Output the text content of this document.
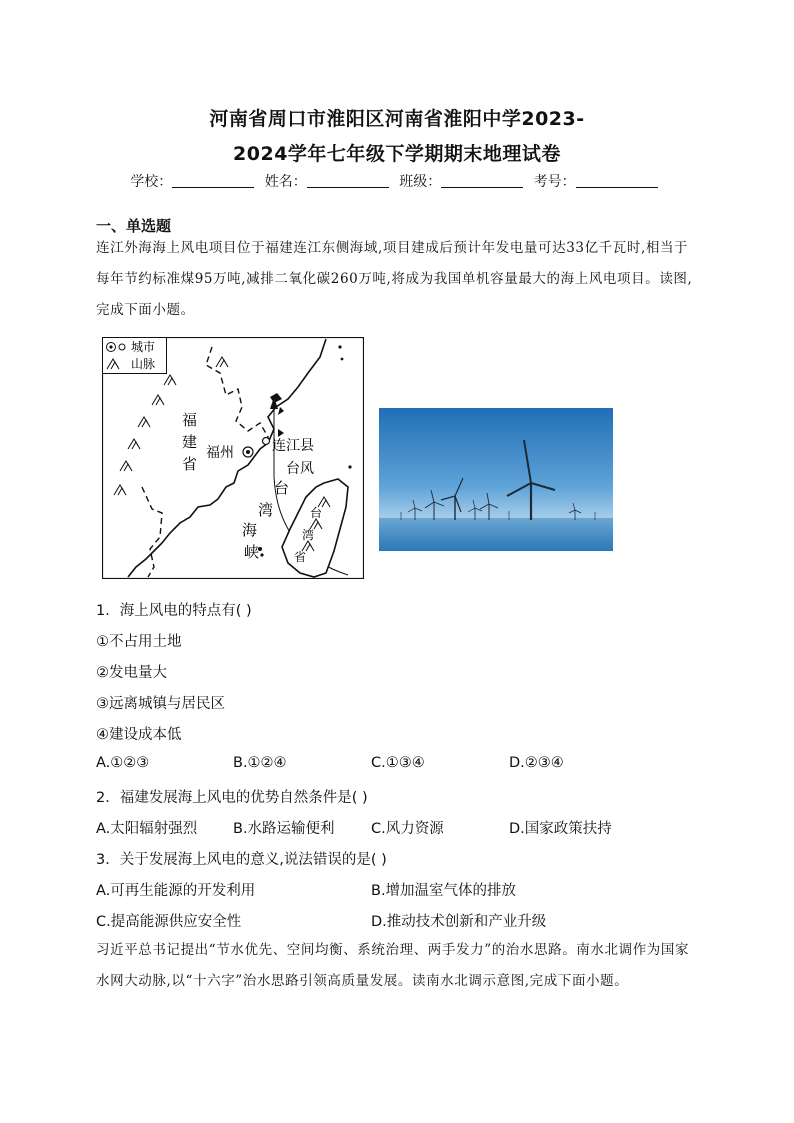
河南省周口市淮阳区河南省淮阳中学2023-
2024学年七年级下学期期末地理试卷
学校：	姓名：	班级：	考号：
一、单选题
连江外海海上风电项目位于福建连江东侧海域,项目建成后预计年发电量可达33亿千瓦时,相当于每年节约标准煤95万吨,减排二氧化碳260万吨,将成为我国单机容量最大的海上风电项目。读图,完成下面小题。
城市
山脉
福
建
省
福州	连江县
台风
台
湾
海
峡
台
湾
省
1．海上风电的特点有( )
①不占用土地
②发电量大
③远离城镇与居民区
④建设成本低
A.①②③	B.①②④	C.①③④	D.②③④
2．福建发展海上风电的优势自然条件是( )
A.太阳辐射强烈 B.水路运输便利	C.风力资源	D.国家政策扶持
3．关于发展海上风电的意义,说法错误的是( )
A.可再生能源的开发利用	B.增加温室气体的排放
C.提高能源供应安全性	D.推动技术创新和产业升级
习近平总书记提出“节水优先、空间均衡、系统治理、两手发力”的治水思路。南水北调作为国家水网大动脉,以“十六字”治水思路引领高质量发展。读南水北调示意图,完成下面小题。
